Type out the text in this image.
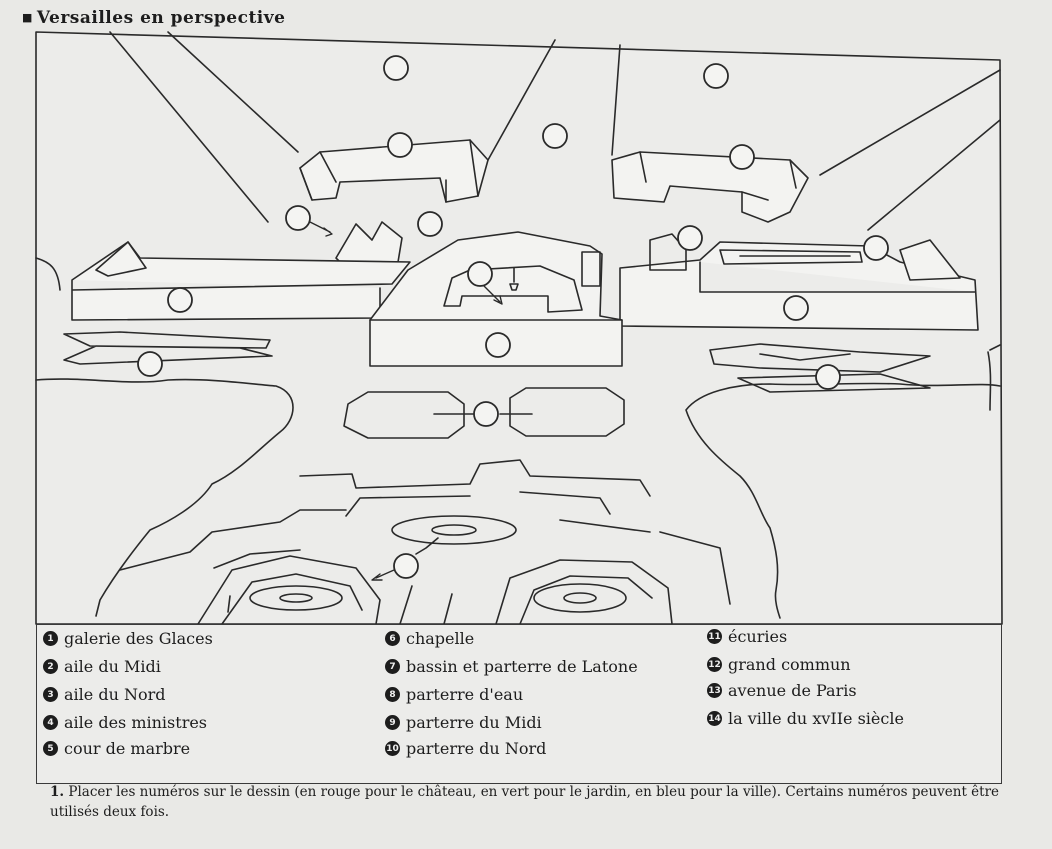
■ Versailles en perspective
1 galerie des Glaces
2 aile du Midi
3 aile du Nord
4 aile des ministres
5 cour de marbre
6 chapelle
7 bassin et parterre de Latone
8 parterre d'eau
9 parterre du Midi
10 parterre du Nord
11 écuries
12 grand commun
13 avenue de Paris
14 la ville du xvIIe siècle
1. Placer les numéros sur le dessin (en rouge pour le château, en vert pour le jardin, en bleu pour la ville). Certains numéros peuvent être utilisés deux fois.
